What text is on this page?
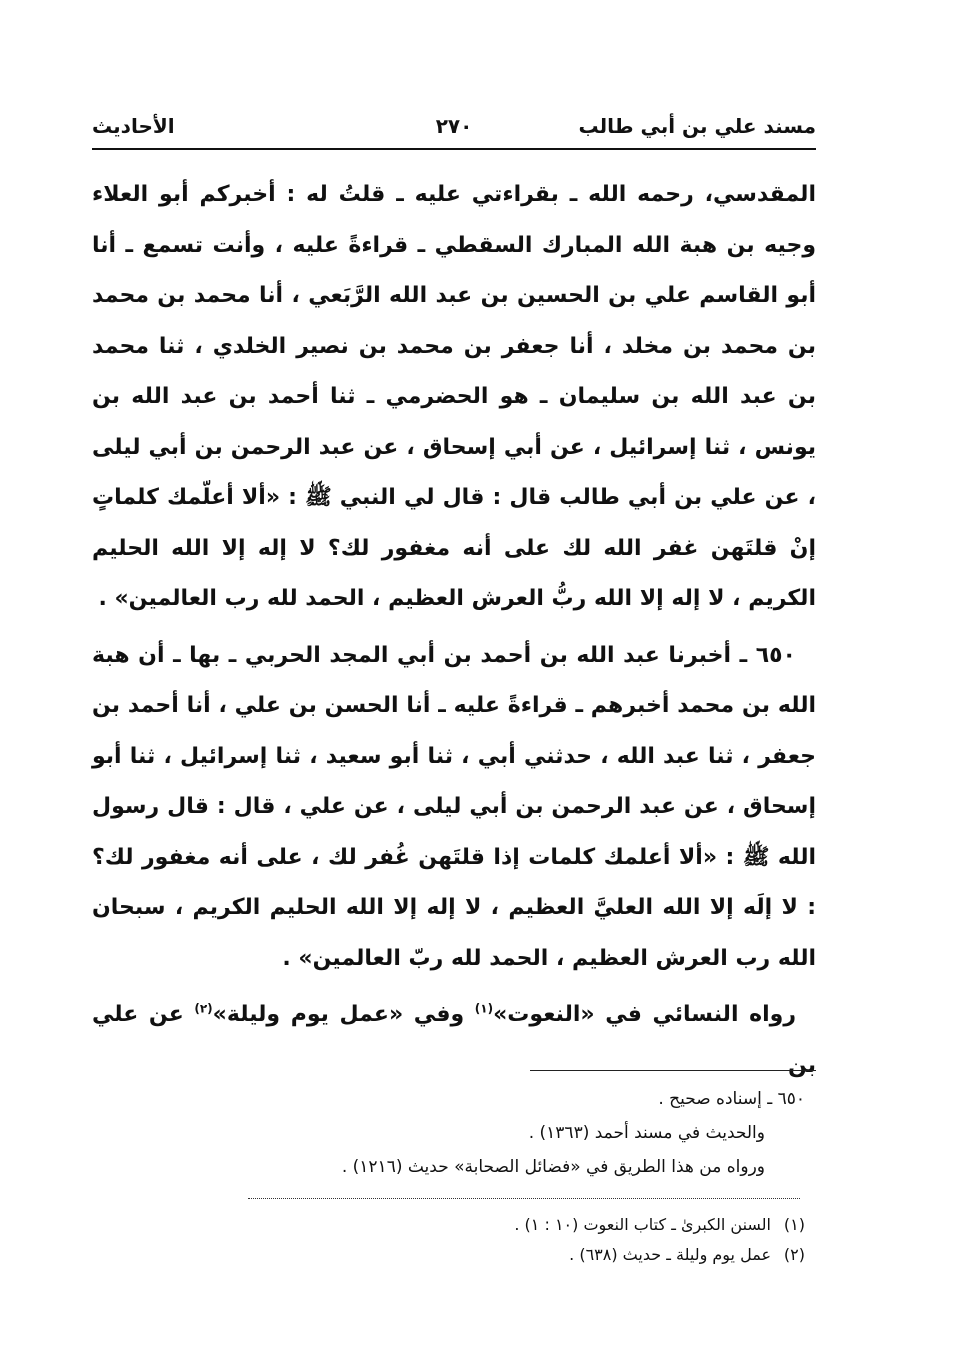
مسند علي بن أبي طالب
٢٧٠
الأحاديث

المقدسي، رحمه الله ـ بقراءتي عليه ـ قلتُ له : أخبركم أبو العلاء وجيه بن هبة الله المبارك السقطي ـ قراءةً عليه ، وأنت تسمع ـ أنا أبو القاسم علي بن الحسين بن عبد الله الرَّبَعي ، أنا محمد بن محمد بن محمد بن مخلد ، أنا جعفر بن محمد بن نصير الخلدي ، ثنا محمد بن عبد الله بن سليمان ـ هو الحضرمي ـ ثنا أحمد بن عبد الله بن يونس ، ثنا إسرائيل ، عن أبي إسحاق ، عن عبد الرحمن بن أبي ليلى ، عن علي بن أبي طالب قال : قال لي النبي ﷺ : «ألا أعلّمك كلماتٍ إنْ قلتَهن غفر الله لك على أنه مغفور لك؟ لا إله إلا الله الحليم الكريم ، لا إله إلا الله ربُّ العرش العظيم ، الحمد لله رب العالمين» .

٦٥٠ ـ أخبرنا عبد الله بن أحمد بن أبي المجد الحربي ـ بها ـ أن هبة الله بن محمد أخبرهم ـ قراءةً عليه ـ أنا الحسن بن علي ، أنا أحمد بن جعفر ، ثنا عبد الله ، حدثني أبي ، ثنا أبو سعيد ، ثنا إسرائيل ، ثنا أبو إسحاق ، عن عبد الرحمن بن أبي ليلى ، عن علي ، قال : قال رسول الله ﷺ : «ألا أعلمك كلمات إذا قلتَهن غُفر لك ، على أنه مغفور لك؟ : لا إلَه إلا الله العليَّ العظيم ، لا إله إلا الله الحليم الكريم ، سبحان الله رب العرش العظيم ، الحمد لله ربّ العالمين» .

رواه النسائي في «النعوت»$^{(١)}$ وفي «عمل يوم وليلة»$^{(٢)}$ عن علي بن

٦٥٠ ـ إسناده صحيح .

والحديث في مسند أحمد (١٣٦٣) .

ورواه من هذا الطريق في «فضائل الصحابة» حديث (١٢١٦) .

(١)السنن الكبرىٰ ـ كتاب النعوت (١٠ : ١) .

(٢)عمل يوم وليلة ـ حديث (٦٣٨) .
